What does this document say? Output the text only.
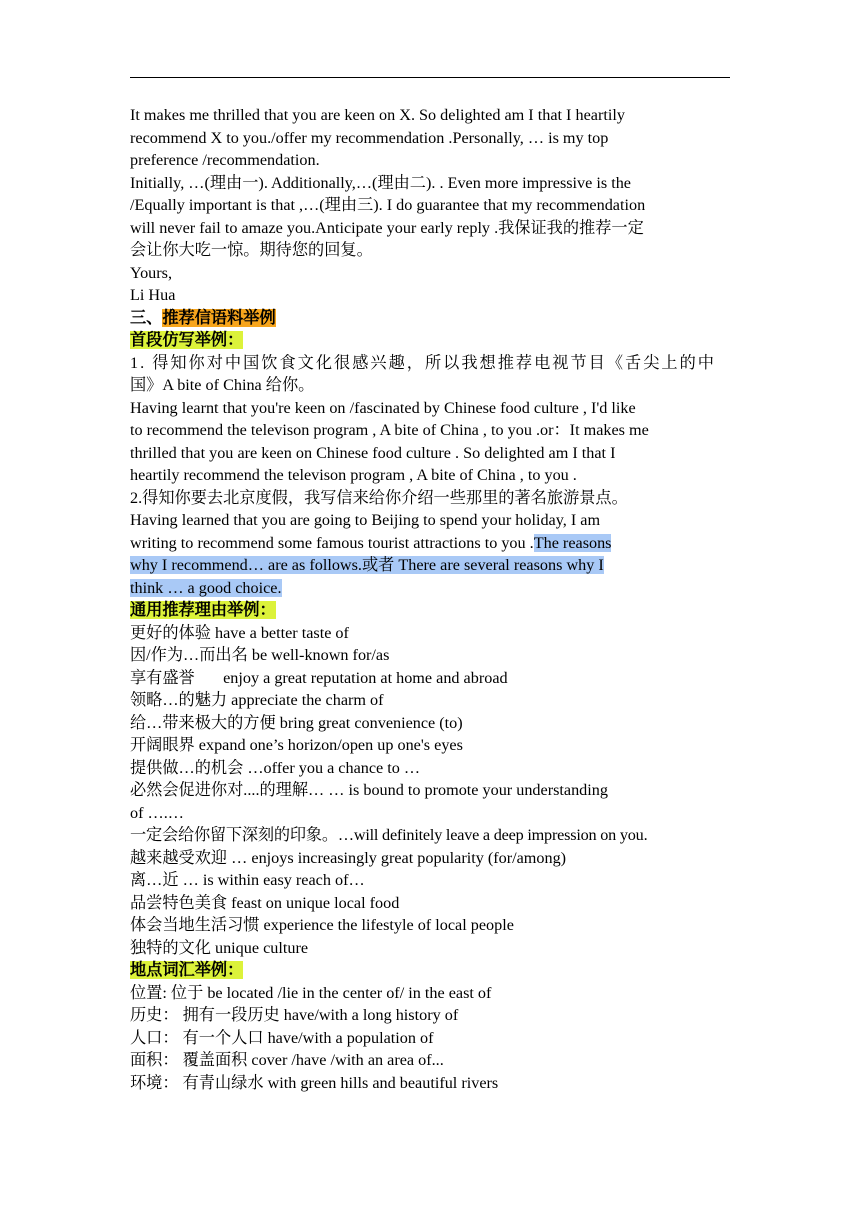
It makes me thrilled that you are keen on X. So delighted am I that I heartily

recommend X to you./offer my recommendation .Personally, … is my top

preference /recommendation.

Initially, …(理由一). Additionally,…(理由二). . Even more impressive is the

/Equally important is that ,…(理由三). I do guarantee that my recommendation

will never fail to amaze you.Anticipate your early reply .我保证我的推荐一定

会让你大吃一惊。期待您的回复。

Yours,

Li Hua

三、推荐信语料举例

首段仿写举例：

1. 得知你对中国饮食文化很感兴趣，所以我想推荐电视节目《舌尖上的中

国》A bite of China 给你。

Having learnt that you're keen on /fascinated by Chinese food culture , I'd like

to recommend the televison program , A bite of China , to you .or：It makes me

thrilled that you are keen on Chinese food culture . So delighted am I that I

heartily recommend the televison program , A bite of China , to you .

2.得知你要去北京度假，我写信来给你介绍一些那里的著名旅游景点。

Having learned that you are going to Beijing to spend your holiday, I am

writing to recommend some famous tourist attractions to you .The reasons

why I recommend… are as follows.或者 There are several reasons why I

think … a good choice.

通用推荐理由举例：

更好的体验 have a better taste of

因/作为…而出名 be well-known for/as

享有盛誉       enjoy a great reputation at home and abroad

领略…的魅力 appreciate the charm of

给…带来极大的方便 bring great convenience (to)

开阔眼界 expand one’s horizon/open up one's eyes

提供做…的机会 …offer you a chance to …

必然会促进你对....的理解… … is bound to promote your understanding

of ….…

一定会给你留下深刻的印象。…will definitely leave a deep impression on you.

越来越受欢迎 … enjoys increasingly great popularity (for/among)

离…近 … is within easy reach of…

品尝特色美食 feast on unique local food

体会当地生活习惯 experience the lifestyle of local people

独特的文化 unique culture

地点词汇举例：

位置: 位于 be located /lie in the center of/ in the east of

历史： 拥有一段历史 have/with a long history of

人口： 有一个人口 have/with a population of

面积： 覆盖面积 cover /have /with an area of...

环境： 有青山绿水 with green hills and beautiful rivers
